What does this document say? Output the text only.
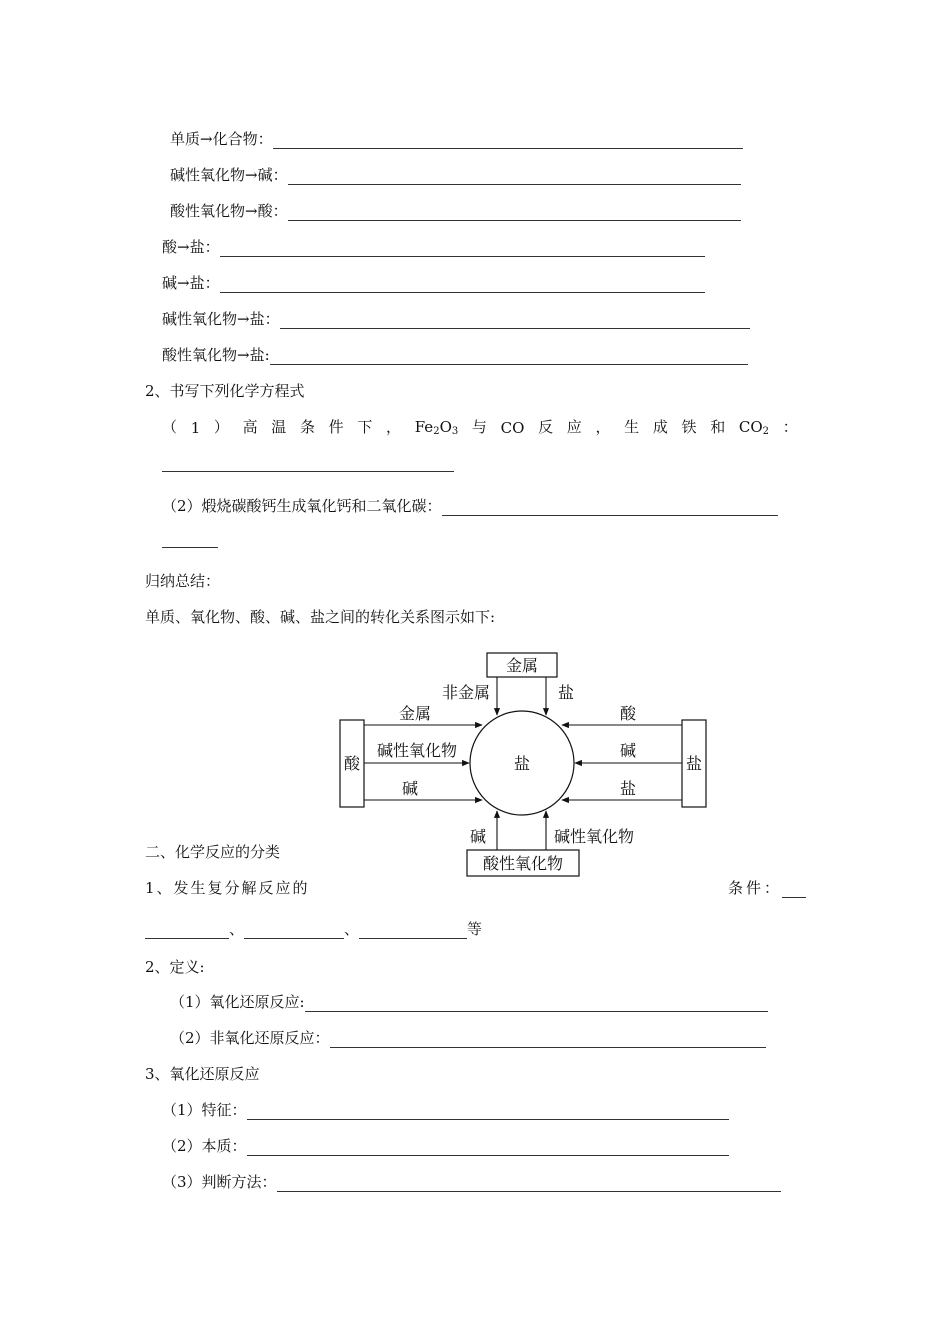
单质→化合物：
碱性氧化物→碱：
酸性氧化物→酸：
酸→盐：
碱→盐：
碱性氧化物→盐：
酸性氧化物→盐:
2、书写下列化学方程式
（ 1 ） 高 温 条 件 下 ， $Fe_2O_3$ 与 CO 反 应 ， 生 成 铁 和 $CO_2$ ：
（2）煅烧碳酸钙生成氧化钙和二氧化碳：
归纳总结：
单质、氧化物、酸、碱、盐之间的转化关系图示如下:
盐
金属
酸性氧化物
酸	盐
非金属	盐
金属
碱性氧化物
碱
酸
碱
盐
碱	碱性氧化物
二、化学反应的分类
1、发生复分解反应的	条件：
、	、	等
2、定义:
（1）氧化还原反应:
（2）非氧化还原反应：
3、氧化还原反应
（1）特征：
（2）本质：
（3）判断方法：
